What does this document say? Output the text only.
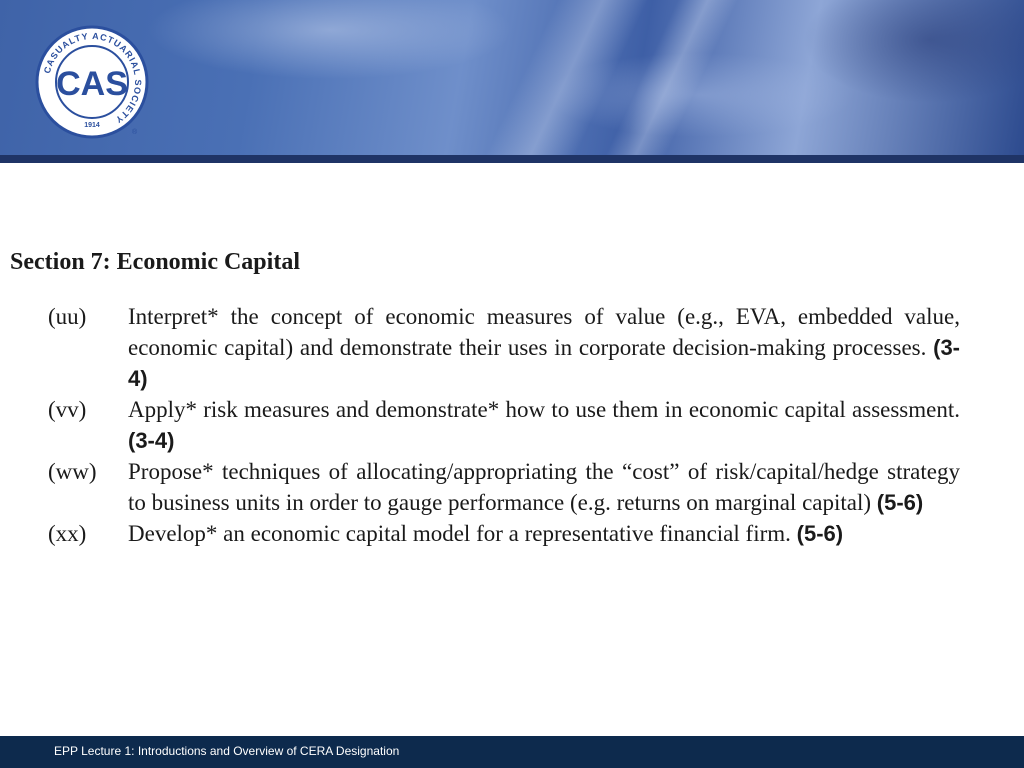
CASUALTY ACTUARIAL SOCIETY
CAS
1914
®
Section 7: Economic Capital
(uu)	Interpret* the concept of economic measures of value (e.g., EVA, embedded value, economic capital) and demonstrate their uses in corporate decision-making processes. (3-4)
(vv)	Apply* risk measures and demonstrate* how to use them in economic capital assessment. (3-4)
(ww)	Propose* techniques of allocating/appropriating the “cost” of risk/capital/hedge strategy to business units in order to gauge performance (e.g. returns on marginal capital) (5-6)
(xx)	Develop* an economic capital model for a representative financial firm. (5-6)
EPP Lecture 1: Introductions and Overview of CERA Designation
